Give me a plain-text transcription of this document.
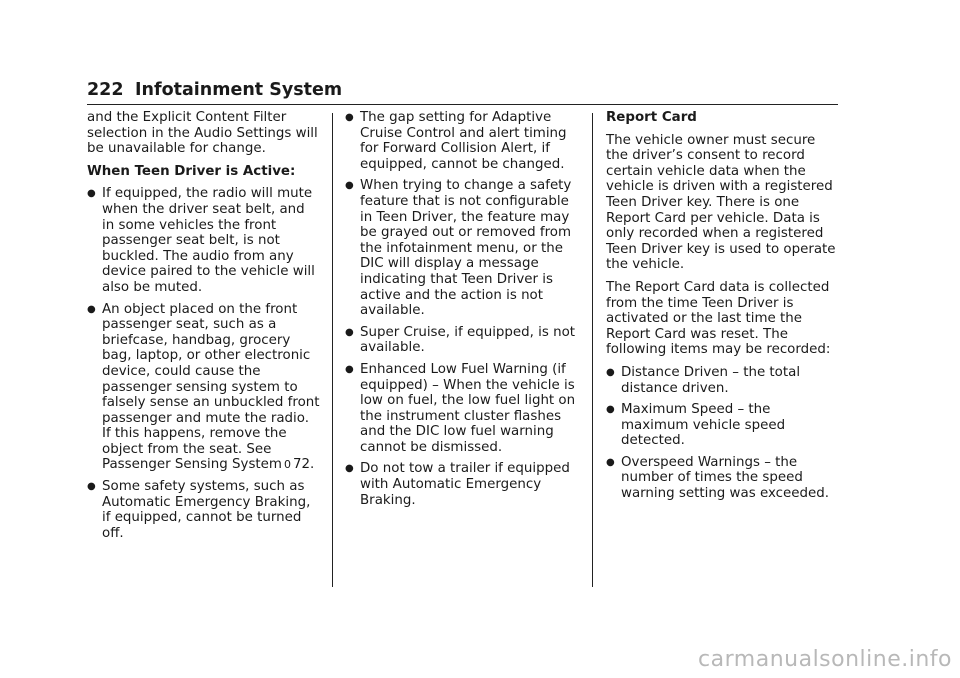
222 Infotainment System

and the Explicit Content Filter selection in the Audio Settings will be unavailable for change.

When Teen Driver is Active:

● If equipped, the radio will mute when the driver seat belt, and in some vehicles the front passenger seat belt, is not buckled. The audio from any device paired to the vehicle will also be muted.
● An object placed on the front passenger seat, such as a briefcase, handbag, grocery bag, laptop, or other electronic device, could cause the passenger sensing system to falsely sense an unbuckled front passenger and mute the radio. If this happens, remove the object from the seat. See Passenger Sensing System 0 72.
● Some safety systems, such as Automatic Emergency Braking, if equipped, cannot be turned off.
● The gap setting for Adaptive Cruise Control and alert timing for Forward Collision Alert, if equipped, cannot be changed.
● When trying to change a safety feature that is not configurable in Teen Driver, the feature may be grayed out or removed from the infotainment menu, or the DIC will display a message indicating that Teen Driver is active and the action is not available.
● Super Cruise, if equipped, is not available.
● Enhanced Low Fuel Warning (if equipped) – When the vehicle is low on fuel, the low fuel light on the instrument cluster flashes and the DIC low fuel warning cannot be dismissed.
● Do not tow a trailer if equipped with Automatic Emergency Braking.

Report Card

The vehicle owner must secure the driver’s consent to record certain vehicle data when the vehicle is driven with a registered Teen Driver key. There is one Report Card per vehicle. Data is only recorded when a registered Teen Driver key is used to operate the vehicle.

The Report Card data is collected from the time Teen Driver is activated or the last time the Report Card was reset. The following items may be recorded:

● Distance Driven – the total distance driven.
● Maximum Speed – the maximum vehicle speed detected.
● Overspeed Warnings – the number of times the speed warning setting was exceeded.
carmanualsonline.info
